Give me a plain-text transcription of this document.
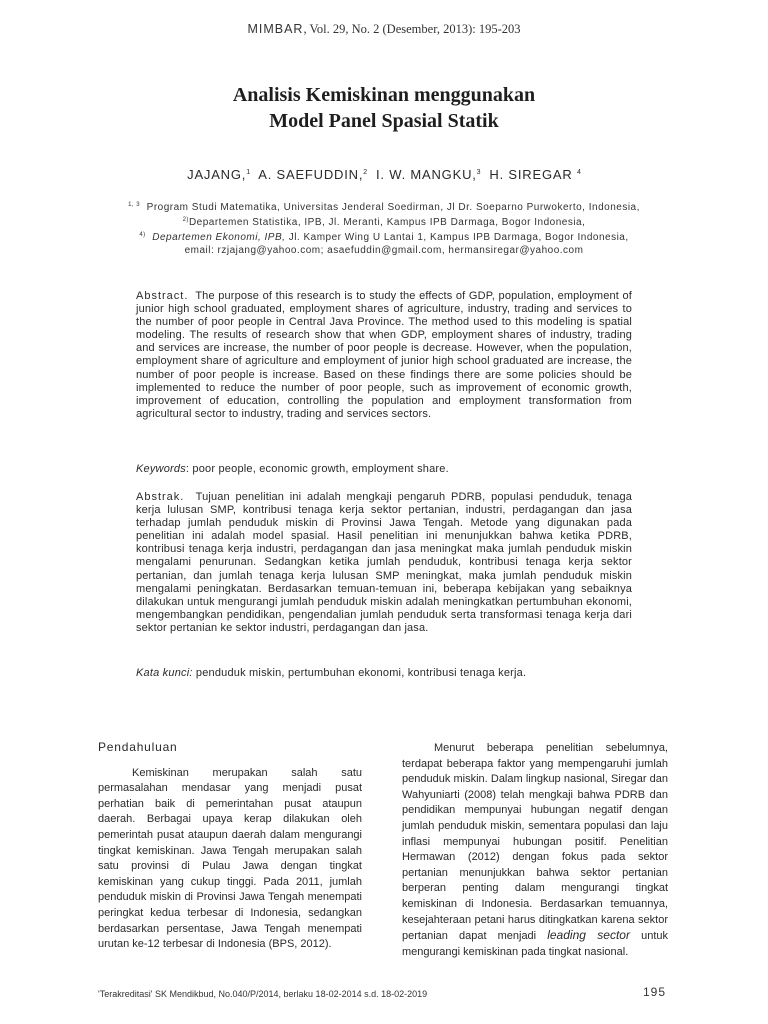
MIMBAR, Vol. 29, No. 2 (Desember, 2013): 195-203
Analisis Kemiskinan menggunakan
Model Panel Spasial Statik
JAJANG,$^1$ A. SAEFUDDIN,$^2$ I. W. MANGKU,$^3$ H. SIREGAR $^4$
$^{1, 3}$ Program Studi Matematika, Universitas Jenderal Soedirman, Jl Dr. Soeparno Purwokerto, Indonesia,
$^{2)}$Departemen Statistika, IPB, Jl. Meranti, Kampus IPB Darmaga, Bogor Indonesia,
$^{4)}$ Departemen Ekonomi, IPB, Jl. Kamper Wing U Lantai 1, Kampus IPB Darmaga, Bogor Indonesia,
email: rzjajang@yahoo.com; asaefuddin@gmail.com, hermansiregar@yahoo.com
Abstract. The purpose of this research is to study the effects of GDP, population, employment of junior high school graduated, employment shares of agriculture, industry, trading and services to the number of poor people in Central Java Province. The method used to this modeling is spatial modeling. The results of research show that when GDP, employment shares of industry, trading and services are increase, the number of poor people is decrease. However, when the population, employment share of agriculture and employment of junior high school graduated are increase, the number of poor people is increase. Based on these findings there are some policies should be implemented to reduce the number of poor people, such as improvement of economic growth, improvement of education, controlling the population and employment transformation from agricultural sector to industry, trading and services sectors.
Keywords: poor people, economic growth, employment share.
Abstrak. Tujuan penelitian ini adalah mengkaji pengaruh PDRB, populasi penduduk, tenaga kerja lulusan SMP, kontribusi tenaga kerja sektor pertanian, industri, perdagangan dan jasa terhadap jumlah penduduk miskin di Provinsi Jawa Tengah. Metode yang digunakan pada penelitian ini adalah model spasial. Hasil penelitian ini menunjukkan bahwa ketika PDRB, kontribusi tenaga kerja industri, perdagangan dan jasa meningkat maka jumlah penduduk miskin mengalami penurunan. Sedangkan ketika jumlah penduduk, kontribusi tenaga kerja sektor pertanian, dan jumlah tenaga kerja lulusan SMP meningkat, maka jumlah penduduk miskin mengalami peningkatan. Berdasarkan temuan-temuan ini, beberapa kebijakan yang sebaiknya dilakukan untuk mengurangi jumlah penduduk miskin adalah meningkatkan pertumbuhan ekonomi, mengembangkan pendidikan, pengendalian jumlah penduduk serta transformasi tenaga kerja dari sektor pertanian ke sektor industri, perdagangan dan jasa.
Kata kunci: penduduk miskin, pertumbuhan ekonomi, kontribusi tenaga kerja.
Pendahuluan

Kemiskinan merupakan salah satu permasalahan mendasar yang menjadi pusat perhatian baik di pemerintahan pusat ataupun daerah. Berbagai upaya kerap dilakukan oleh pemerintah pusat ataupun daerah dalam mengurangi tingkat kemiskinan. Jawa Tengah merupakan salah satu provinsi di Pulau Jawa dengan tingkat kemiskinan yang cukup tinggi. Pada 2011, jumlah penduduk miskin di Provinsi Jawa Tengah menempati peringkat kedua terbesar di Indonesia, sedangkan berdasarkan persentase, Jawa Tengah menempati urutan ke-12 terbesar di Indonesia (BPS, 2012).

Menurut beberapa penelitian sebelumnya, terdapat beberapa faktor yang mempengaruhi jumlah penduduk miskin. Dalam lingkup nasional, Siregar dan Wahyuniarti (2008) telah mengkaji bahwa PDRB dan pendidikan mempunyai hubungan negatif dengan jumlah penduduk miskin, sementara populasi dan laju inflasi mempunyai hubungan positif. Penelitian Hermawan (2012) dengan fokus pada sektor pertanian menunjukkan bahwa sektor pertanian berperan penting dalam mengurangi tingkat kemiskinan di Indonesia. Berdasarkan temuannya, kesejahteraan petani harus ditingkatkan karena sektor pertanian dapat menjadi leading sector untuk mengurangi kemiskinan pada tingkat nasional.

'Terakreditasi' SK Mendikbud, No.040/P/2014, berlaku 18-02-2014 s.d. 18-02-2019	195
